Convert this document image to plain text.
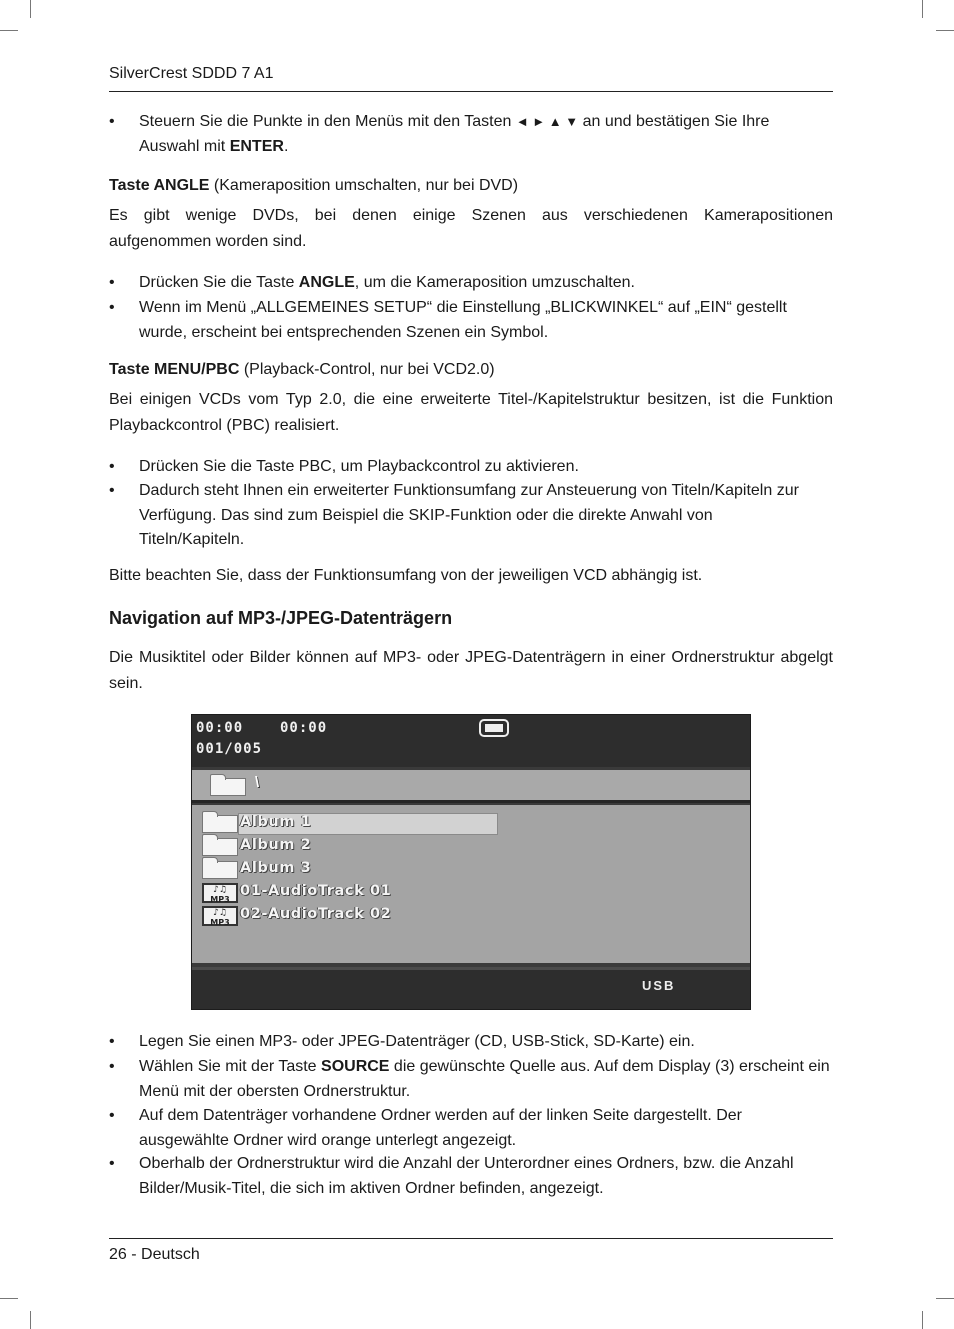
SilverCrest SDDD 7 A1
•	Steuern Sie die Punkte in den Menüs mit den Tasten ◄ ► ▲ ▼ an und bestätigen Sie Ihre Auswahl mit ENTER.
Taste ANGLE (Kameraposition umschalten, nur bei DVD)
Es gibt wenige DVDs, bei denen einige Szenen aus verschiedenen Kamerapositionen
aufgenommen worden sind.
•	Drücken Sie die Taste ANGLE, um die Kameraposition umzuschalten.
•	Wenn im Menü „ALLGEMEINES SETUP“ die Einstellung „BLICKWINKEL“ auf „EIN“ gestellt wurde, erscheint bei entsprechenden Szenen ein Symbol.
Taste MENU/PBC (Playback-Control, nur bei VCD2.0)
Bei einigen VCDs vom Typ 2.0, die eine erweiterte Titel-/Kapitelstruktur besitzen, ist die Funktion
Playbackcontrol (PBC) realisiert.
•	Drücken Sie die Taste PBC, um Playbackcontrol zu aktivieren.
•	Dadurch steht Ihnen ein erweiterter Funktionsumfang zur Ansteuerung von Titeln/Kapiteln zur Verfügung. Das sind zum Beispiel die SKIP-Funktion oder die direkte Anwahl von Titeln/Kapiteln.
Bitte beachten Sie, dass der Funktionsumfang von der jeweiligen VCD abhängig ist.
Navigation auf MP3-/JPEG-Datenträgern
Die Musiktitel oder Bilder können auf MP3- oder JPEG-Datenträgern in einer Ordnerstruktur abgelgt
sein.
00:00	00:00
001/005
\
Album 1
Album 2
Album 3
♪♫
MP3
01-AudioTrack 01
♪♫
MP3
02-AudioTrack 02
USB
•	Legen Sie einen MP3- oder JPEG-Datenträger (CD, USB-Stick, SD-Karte) ein.
•	Wählen Sie mit der Taste SOURCE die gewünschte Quelle aus. Auf dem Display (3) erscheint ein Menü mit der obersten Ordnerstruktur.
•	Auf dem Datenträger vorhandene Ordner werden auf der linken Seite dargestellt. Der ausgewählte Ordner wird orange unterlegt angezeigt.
•	Oberhalb der Ordnerstruktur wird die Anzahl der Unterordner eines Ordners, bzw. die Anzahl Bilder/Musik-Titel, die sich im aktiven Ordner befinden, angezeigt.
26 - Deutsch
